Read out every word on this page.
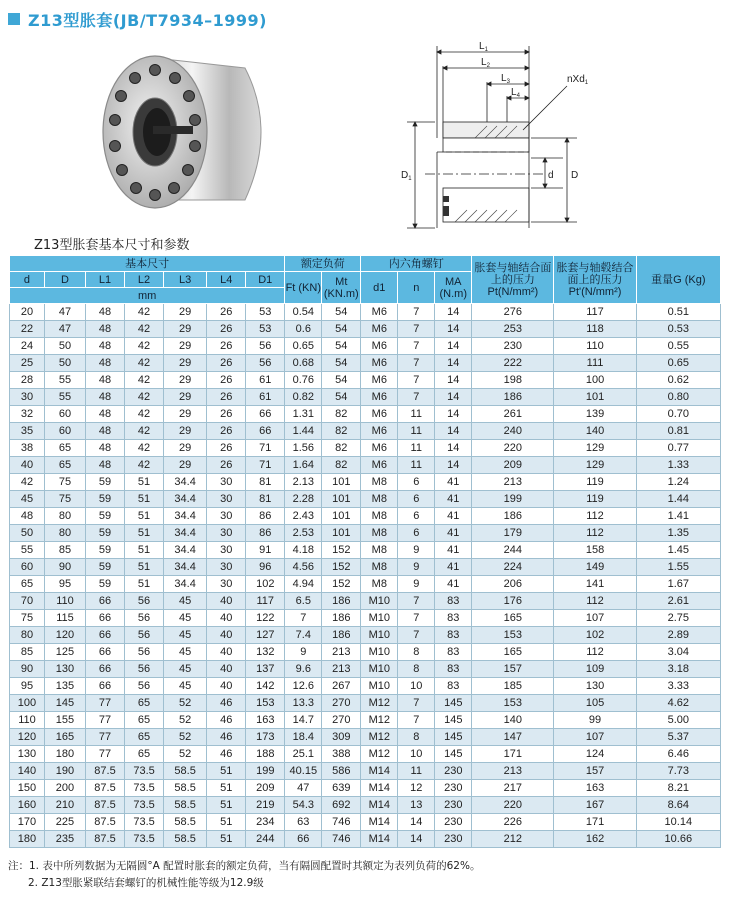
Z13型胀套(JB/T7934–1999)
$L_1$
$L_2$
$L_3$
$L_4$
nXd$_1$
$D_1$	d D
Z13型胀套基本尺寸和参数
基本尺寸							额定负荷		内六角螺钉			胀套与轴结合面上的压力Pt(N/mm²)	胀套与轴毂结合面上的压力Pt'(N/mm²)	重量G (Kg)
d	D	L1	L2	L3	L4	D1	Ft (KN)	Mt (KN.m)	d1	n	MA (N.m)			
mm														
20	47	48	42	29	26	53	0.54	54	M6	7	14	276	117	0.51
22	47	48	42	29	26	53	0.6	54	M6	7	14	253	118	0.53
24	50	48	42	29	26	56	0.65	54	M6	7	14	230	110	0.55
25	50	48	42	29	26	56	0.68	54	M6	7	14	222	111	0.65
28	55	48	42	29	26	61	0.76	54	M6	7	14	198	100	0.62
30	55	48	42	29	26	61	0.82	54	M6	7	14	186	101	0.80
32	60	48	42	29	26	66	1.31	82	M6	11	14	261	139	0.70
35	60	48	42	29	26	66	1.44	82	M6	11	14	240	140	0.81
38	65	48	42	29	26	71	1.56	82	M6	11	14	220	129	0.77
40	65	48	42	29	26	71	1.64	82	M6	11	14	209	129	1.33
42	75	59	51	34.4	30	81	2.13	101	M8	6	41	213	119	1.24
45	75	59	51	34.4	30	81	2.28	101	M8	6	41	199	119	1.44
48	80	59	51	34.4	30	86	2.43	101	M8	6	41	186	112	1.41
50	80	59	51	34.4	30	86	2.53	101	M8	6	41	179	112	1.35
55	85	59	51	34.4	30	91	4.18	152	M8	9	41	244	158	1.45
60	90	59	51	34.4	30	96	4.56	152	M8	9	41	224	149	1.55
65	95	59	51	34.4	30	102	4.94	152	M8	9	41	206	141	1.67
70	110	66	56	45	40	117	6.5	186	M10	7	83	176	112	2.61
75	115	66	56	45	40	122	7	186	M10	7	83	165	107	2.75
80	120	66	56	45	40	127	7.4	186	M10	7	83	153	102	2.89
85	125	66	56	45	40	132	9	213	M10	8	83	165	112	3.04
90	130	66	56	45	40	137	9.6	213	M10	8	83	157	109	3.18
95	135	66	56	45	40	142	12.6	267	M10	10	83	185	130	3.33
100	145	77	65	52	46	153	13.3	270	M12	7	145	153	105	4.62
110	155	77	65	52	46	163	14.7	270	M12	7	145	140	99	5.00
120	165	77	65	52	46	173	18.4	309	M12	8	145	147	107	5.37
130	180	77	65	52	46	188	25.1	388	M12	10	145	171	124	6.46
140	190	87.5	73.5	58.5	51	199	40.15	586	M14	11	230	213	157	7.73
150	200	87.5	73.5	58.5	51	209	47	639	M14	12	230	217	163	8.21
160	210	87.5	73.5	58.5	51	219	54.3	692	M14	13	230	220	167	8.64
170	225	87.5	73.5	58.5	51	234	63	746	M14	14	230	226	171	10.14
180	235	87.5	73.5	58.5	51	244	66	746	M14	14	230	212	162	10.66
注：1. 表中所列数据为无隔圆°A 配置时胀套的额定负荷，当有隔圆配置时其额定为表列负荷的62%。
2. Z13型胀紧联结套螺钉的机械性能等级为12.9级
